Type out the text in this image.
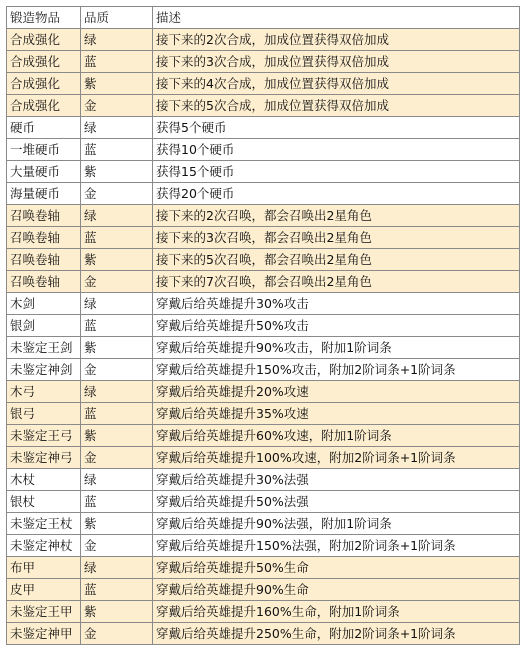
锻造物品	品质	描述
合成强化	绿	接下来的2次合成，加成位置获得双倍加成
合成强化	蓝	接下来的3次合成，加成位置获得双倍加成
合成强化	紫	接下来的4次合成，加成位置获得双倍加成
合成强化	金	接下来的5次合成，加成位置获得双倍加成
硬币	绿	获得5个硬币
一堆硬币	蓝	获得10个硬币
大量硬币	紫	获得15个硬币
海量硬币	金	获得20个硬币
召唤卷轴	绿	接下来的2次召唤，都会召唤出2星角色
召唤卷轴	蓝	接下来的3次召唤，都会召唤出2星角色
召唤卷轴	紫	接下来的5次召唤，都会召唤出2星角色
召唤卷轴	金	接下来的7次召唤，都会召唤出2星角色
木剑	绿	穿戴后给英雄提升30%攻击
银剑	蓝	穿戴后给英雄提升50%攻击
未鉴定王剑	紫	穿戴后给英雄提升90%攻击，附加1阶词条
未鉴定神剑	金	穿戴后给英雄提升150%攻击，附加2阶词条+1阶词条
木弓	绿	穿戴后给英雄提升20%攻速
银弓	蓝	穿戴后给英雄提升35%攻速
未鉴定王弓	紫	穿戴后给英雄提升60%攻速，附加1阶词条
未鉴定神弓	金	穿戴后给英雄提升100%攻速，附加2阶词条+1阶词条
木杖	绿	穿戴后给英雄提升30%法强
银杖	蓝	穿戴后给英雄提升50%法强
未鉴定王杖	紫	穿戴后给英雄提升90%法强，附加1阶词条
未鉴定神杖	金	穿戴后给英雄提升150%法强，附加2阶词条+1阶词条
布甲	绿	穿戴后给英雄提升50%生命
皮甲	蓝	穿戴后给英雄提升90%生命
未鉴定王甲	紫	穿戴后给英雄提升160%生命，附加1阶词条
未鉴定神甲	金	穿戴后给英雄提升250%生命，附加2阶词条+1阶词条
